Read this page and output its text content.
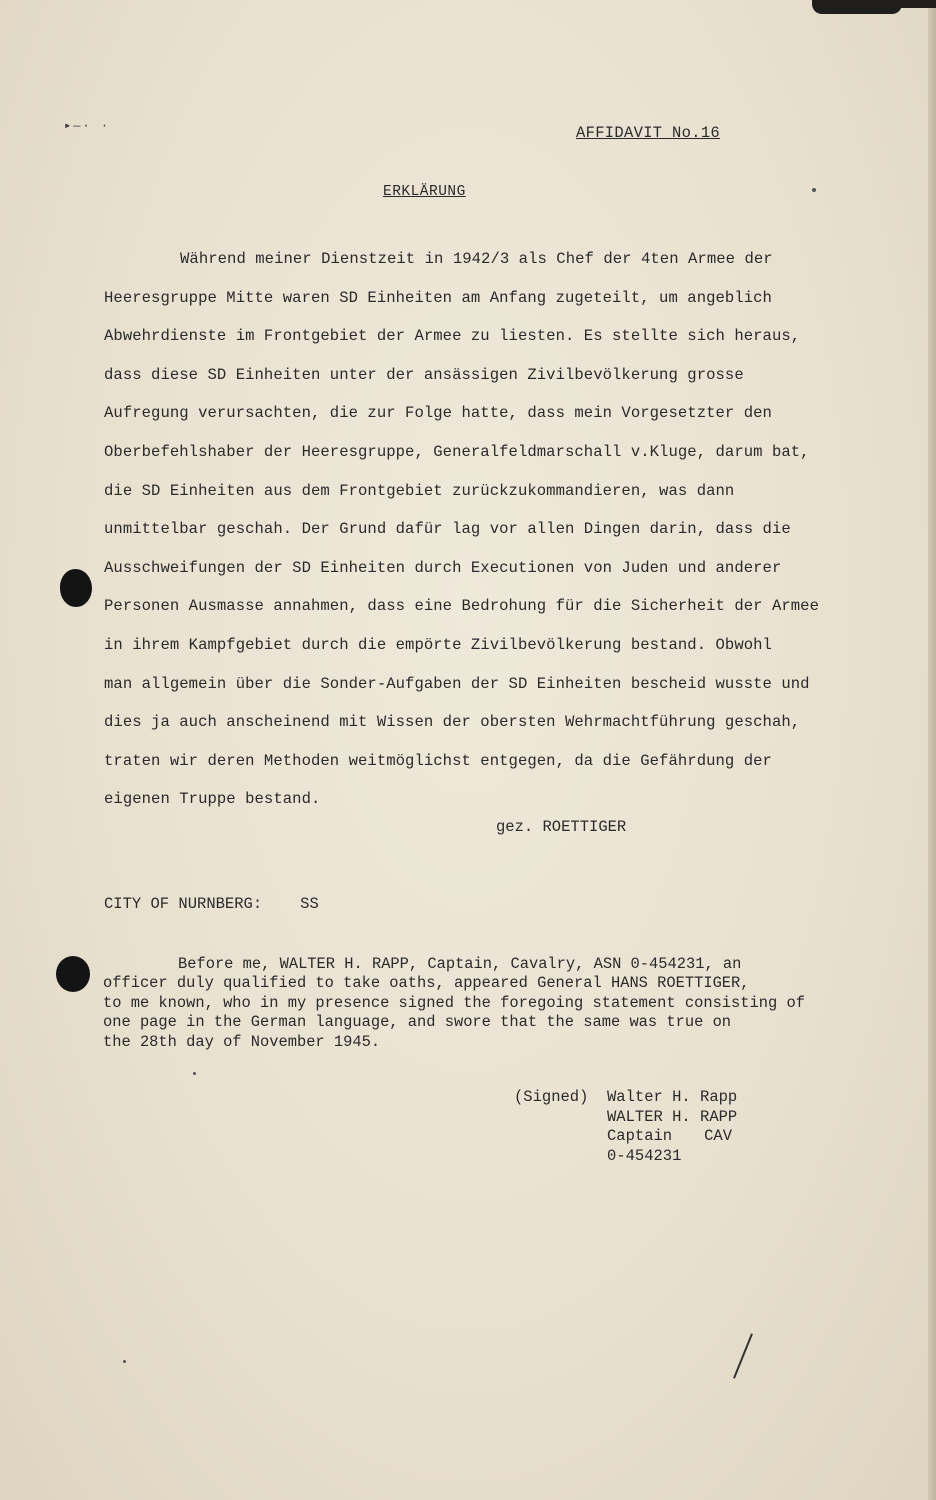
▸—· ·	AFFIDAVIT No.16
ERKLÄRUNG
Während meiner Dienstzeit in 1942/3 als Chef der 4ten Armee der
Heeresgruppe Mitte waren SD Einheiten am Anfang zugeteilt, um angeblich
Abwehrdienste im Frontgebiet der Armee zu liesten. Es stellte sich heraus,
dass diese SD Einheiten unter der ansässigen Zivilbevölkerung grosse
Aufregung verursachten, die zur Folge hatte, dass mein Vorgesetzter den
Oberbefehlshaber der Heeresgruppe, Generalfeldmarschall v.Kluge, darum bat,
die SD Einheiten aus dem Frontgebiet zurückzukommandieren, was dann
unmittelbar geschah. Der Grund dafür lag vor allen Dingen darin, dass die
Ausschweifungen der SD Einheiten durch Executionen von Juden und anderer
Personen Ausmasse annahmen, dass eine Bedrohung für die Sicherheit der Armee
in ihrem Kampfgebiet durch die empörte Zivilbevölkerung bestand. Obwohl
man allgemein über die Sonder-Aufgaben der SD Einheiten bescheid wusste und
dies ja auch anscheinend mit Wissen der obersten Wehrmachtführung geschah,
traten wir deren Methoden weitmöglichst entgegen, da die Gefährdung der
eigenen Truppe bestand.
gez. ROETTIGER
CITY OF NURNBERG: SS
Before me, WALTER H. RAPP, Captain, Cavalry, ASN 0-454231, an
officer duly qualified to take oaths, appeared General HANS ROETTIGER,
to me known, who in my presence signed the foregoing statement consisting of
one page in the German language, and swore that the same was true on
the 28th day of November 1945.
(Signed) Walter H. Rapp
WALTER H. RAPP
Captain CAV
0-454231
